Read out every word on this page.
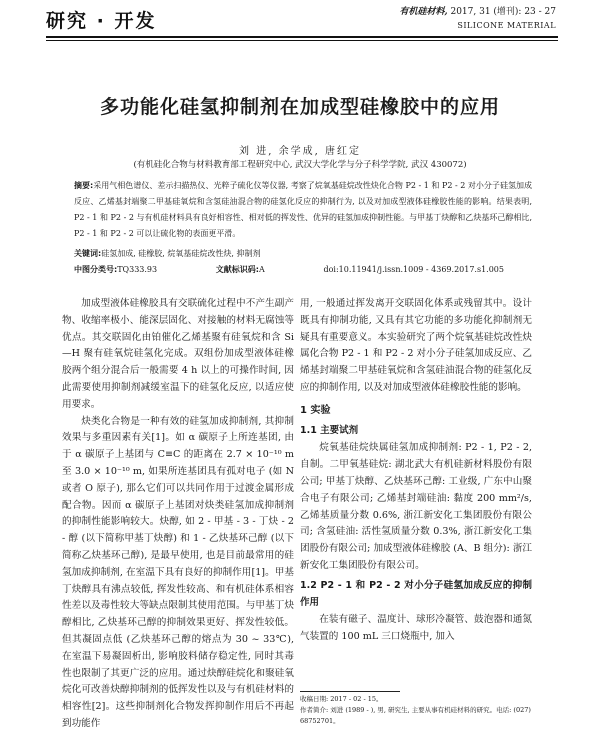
研究 · 开发	有机硅材料, 2017, 31 (增刊): 23 - 27
SILICONE MATERIAL
多功能化硅氢抑制剂在加成型硅橡胶中的应用
刘 进, 余学成, 唐红定
(有机硅化合物与材料教育部工程研究中心, 武汉大学化学与分子科学学院, 武汉 430072)
摘要:采用气相色谱仪、差示扫描热仪、光粹子硫化仪等仪器, 考察了烷氧基硅烷改性炔化合物 P2 - 1 和 P2 - 2 对小分子硅氢加成反应、乙烯基封端聚二甲基硅氧烷和含氢硅油混合物的硅氢化反应的抑制行为, 以及对加成型液体硅橡胶性能的影响。结果表明, P2 - 1 和 P2 - 2 与有机硅材料具有良好相容性、相对低的挥发性、优异的硅氢加成抑制性能。与甲基丁炔醇和乙炔基环己醇相比, P2 - 1 和 P2 - 2 可以让硫化物的表面更平滑。
关键词:硅氢加成, 硅橡胶, 烷氧基硅烷改性炔, 抑制剂
中图分类号:TQ333.93	文献标识码:A	doi:10.11941/j.issn.1009 - 4369.2017.s1.005

加成型液体硅橡胶具有交联硫化过程中不产生副产物、收缩率极小、能深层固化、对接触的材料无腐蚀等优点。其交联固化由铂催化乙烯基聚有硅氧烷和含 Si—H 聚有硅氧烷硅氢化完成。双组份加成型液体硅橡胶两个组分混合后一般需要 4 h 以上的可操作时间, 因此需要使用抑制剂减缓室温下的硅氢化反应, 以适应使用要求。

炔类化合物是一种有效的硅氢加成抑制剂, 其抑制效果与多重因素有关[1]。如 α 碳原子上所连基团, 由于 α 碳原子上基团与 C≡C 的距离在 2.7 × 10⁻¹⁰ m 至 3.0 × 10⁻¹⁰ m, 如果所连基团具有孤对电子 (如 N 或者 O 原子), 那么它们可以共同作用于过渡金属形成配合物。因而 α 碳原子上基团对炔类硅氢加成抑制剂的抑制性能影响较大。炔醇, 如 2 - 甲基 - 3 - 丁炔 - 2 - 醇 (以下简称甲基丁炔醇) 和 1 - 乙炔基环己醇 (以下简称乙炔基环己醇), 是最早使用, 也是目前最常用的硅氢加成抑制剂, 在室温下具有良好的抑制作用[1]。甲基丁炔醇具有沸点较低, 挥发性较高、和有机硅体系相容性差以及毒性较大等缺点限制其使用范围。与甲基丁炔醇相比, 乙炔基环己醇的抑制效果更好、挥发性较低。但其凝固点低 (乙炔基环己醇的熔点为 30 ~ 33℃), 在室温下易凝固析出, 影响胶料储存稳定性, 同时其毒性也限制了其更广泛的应用。通过炔醇硅烷化和聚硅氧烷化可改善炔醇抑制剂的低挥发性以及与有机硅材料的相容性[2]。这些抑制剂化合物发挥抑制作用后不再起到功能作

用, 一般通过挥发离开交联固化体系或残留其中。设计既具有抑制功能, 又具有其它功能的多功能化抑制剂无疑具有重要意义。本实验研究了两个烷氧基硅烷改性炔属化合物 P2 - 1 和 P2 - 2 对小分子硅氢加成反应、乙烯基封端聚二甲基硅氧烷和含氢硅油混合物的硅氢化反应的抑制作用, 以及对加成型液体硅橡胶性能的影响。

1 实验
1.1 主要试剂

烷氧基硅烷炔属硅氢加成抑制剂: P2 - 1, P2 - 2, 自制。二甲氧基硅烷: 湖北武大有机硅新材料股份有限公司; 甲基丁炔醇、乙炔基环己醇: 工业级, 广东中山聚合电子有限公司; 乙烯基封端硅油: 黏度 200 mm²/s, 乙烯基质量分数 0.6%, 浙江新安化工集团股份有限公司; 含氢硅油: 活性氢质量分数 0.3%, 浙江新安化工集团股份有限公司; 加成型液体硅橡胶 (A、B 组分): 浙江新安化工集团股份有限公司。

1.2 P2 - 1 和 P2 - 2 对小分子硅氢加成反应的抑制作用

在装有磁子、温度计、球形冷凝管、鼓泡器和通氮气装置的 100 mL 三口烧瓶中, 加入

收稿日期: 2017 - 02 - 15。
作者简介: 刘进 (1989 - ), 男, 研究生, 主要从事有机硅材料的研究。电话: (027) 68752701。
